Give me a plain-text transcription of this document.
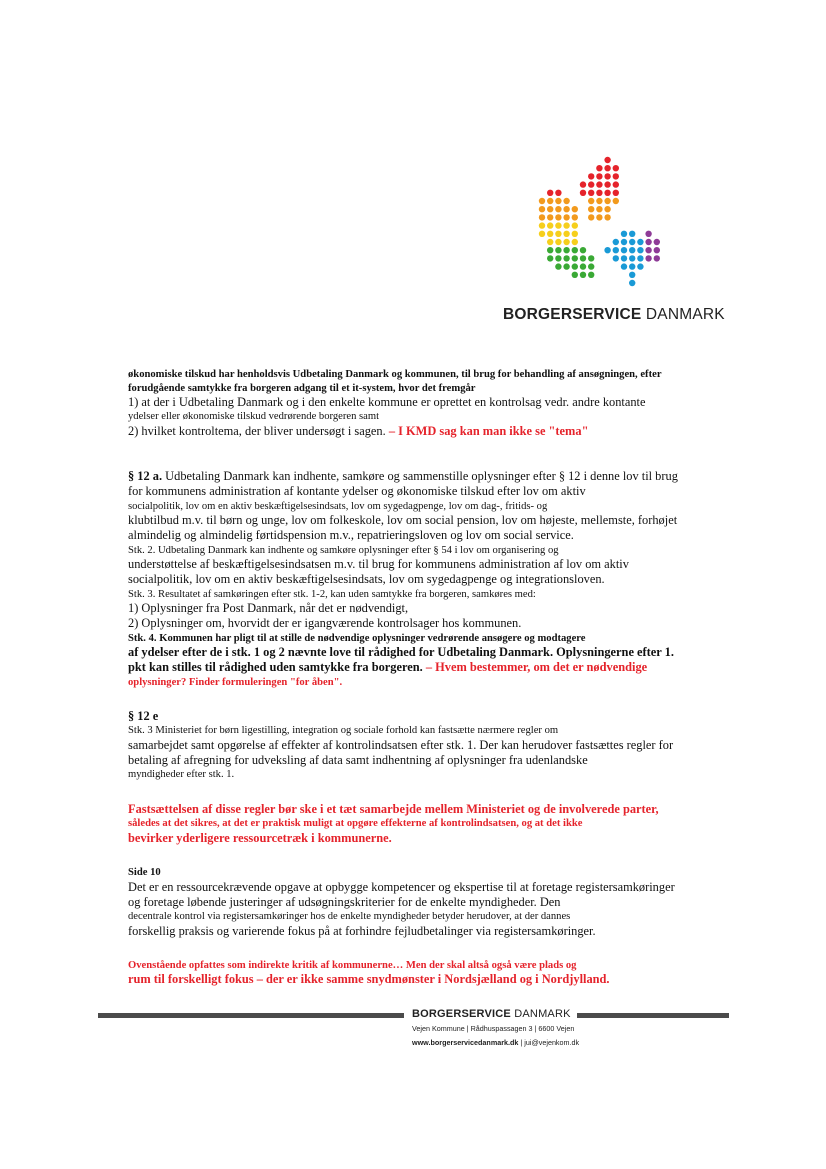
BORGERSERVICE DANMARK

økonomiske tilskud har henholdsvis Udbetaling Danmark og kommunen, til brug for behandling af ansøgningen, efter forudgående samtykke fra borgeren adgang til et it-system, hvor det fremgår

1) at der i Udbetaling Danmark og i den enkelte kommune er oprettet en kontrolsag vedr. andre kontante

ydelser eller økonomiske tilskud vedrørende borgeren samt

2) hvilket kontroltema, der bliver undersøgt i sagen. – I KMD sag kan man ikke se "tema"

§ 12 a. Udbetaling Danmark kan indhente, samkøre og sammenstille oplysninger efter § 12 i denne lov til brug for kommunens administration af kontante ydelser og økonomiske tilskud efter lov om aktiv

socialpolitik, lov om en aktiv beskæftigelsesindsats, lov om sygedagpenge, lov om dag-, fritids- og

klubtilbud m.v. til børn og unge, lov om folkeskole, lov om social pension, lov om højeste, mellemste, forhøjet almindelig og almindelig førtidspension m.v., repatrieringsloven og lov om social service.

Stk. 2. Udbetaling Danmark kan indhente og samkøre oplysninger efter § 54 i lov om organisering og

understøttelse af beskæftigelsesindsatsen m.v. til brug for kommunens administration af lov om aktiv socialpolitik, lov om en aktiv beskæftigelsesindsats, lov om sygedagpenge og integrationsloven.

Stk. 3. Resultatet af samkøringen efter stk. 1-2, kan uden samtykke fra borgeren, samkøres med:

1) Oplysninger fra Post Danmark, når det er nødvendigt,

2) Oplysninger om, hvorvidt der er igangværende kontrolsager hos kommunen.

Stk. 4. Kommunen har pligt til at stille de nødvendige oplysninger vedrørende ansøgere og modtagere

af ydelser efter de i stk. 1 og 2 nævnte love til rådighed for Udbetaling Danmark. Oplysningerne efter 1. pkt kan stilles til rådighed uden samtykke fra borgeren. – Hvem bestemmer, om det er nødvendige

oplysninger? Finder formuleringen "for åben".

§ 12 e

Stk. 3 Ministeriet for børn ligestilling, integration og sociale forhold kan fastsætte nærmere regler om

samarbejdet samt opgørelse af effekter af kontrolindsatsen efter stk. 1. Der kan herudover fastsættes regler for betaling af afregning for udveksling af data samt indhentning af oplysninger fra udenlandske

myndigheder efter stk. 1.

Fastsættelsen af disse regler bør ske i et tæt samarbejde mellem Ministeriet og de involverede parter,

således at det sikres, at det er praktisk muligt at opgøre effekterne af kontrolindsatsen, og at det ikke

bevirker yderligere ressourcetræk i kommunerne.

Side 10

Det er en ressourcekrævende opgave at opbygge kompetencer og ekspertise til at foretage registersamkøringer og foretage løbende justeringer af udsøgningskriterier for de enkelte myndigheder. Den

decentrale kontrol via registersamkøringer hos de enkelte myndigheder betyder herudover, at der dannes

forskellig praksis og varierende fokus på at forhindre fejludbetalinger via registersamkøringer.

Ovenstående opfattes som indirekte kritik af kommunerne… Men der skal altså også være plads og

rum til forskelligt fokus – der er ikke samme snydmønster i Nordsjælland og i Nordjylland.

BORGERSERVICE DANMARK
Vejen Kommune | Rådhuspassagen 3 | 6600 Vejen
www.borgerservicedanmark.dk | jui@vejenkom.dk
